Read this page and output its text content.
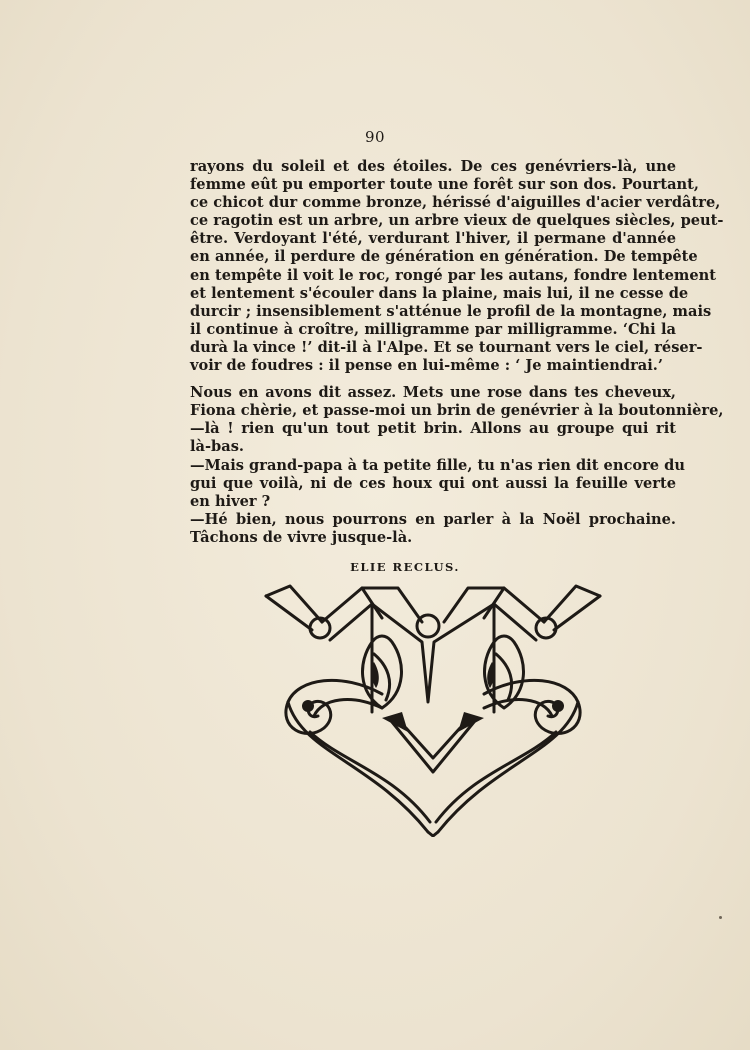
90
rayons du soleil et des étoiles. De ces genévriers-là, une
femme eût pu emporter toute une forêt sur son dos. Pourtant,
ce chicot dur comme bronze, hérissé d'aiguilles d'acier verdâtre,
ce ragotin est un arbre, un arbre vieux de quelques siècles, peut-
être. Verdoyant l'été, verdurant l'hiver, il permane d'année
en année, il perdure de génération en génération. De tempête
en tempête il voit le roc, rongé par les autans, fondre lentement
et lentement s'écouler dans la plaine, mais lui, il ne cesse de
durcir ; insensiblement s'atténue le profil de la montagne, mais
il continue à croître, milligramme par milligramme. ‘Chi la
durà la vince !’ dit-il à l'Alpe. Et se tournant vers le ciel, réser-
voir de foudres : il pense en lui-même : ‘ Je maintiendrai.’
Nous en avons dit assez. Mets une rose dans tes cheveux,
Fiona chèrie, et passe-moi un brin de genévrier à la boutonnière,
—là ! rien qu'un tout petit brin. Allons au groupe qui rit
là-bas.
—Mais grand-papa à ta petite fille, tu n'as rien dit encore du
gui que voilà, ni de ces houx qui ont aussi la feuille verte
en hiver ?
—Hé bien, nous pourrons en parler à la Noël prochaine.
Tâchons de vivre jusque-là.
ELIE RECLUS.
